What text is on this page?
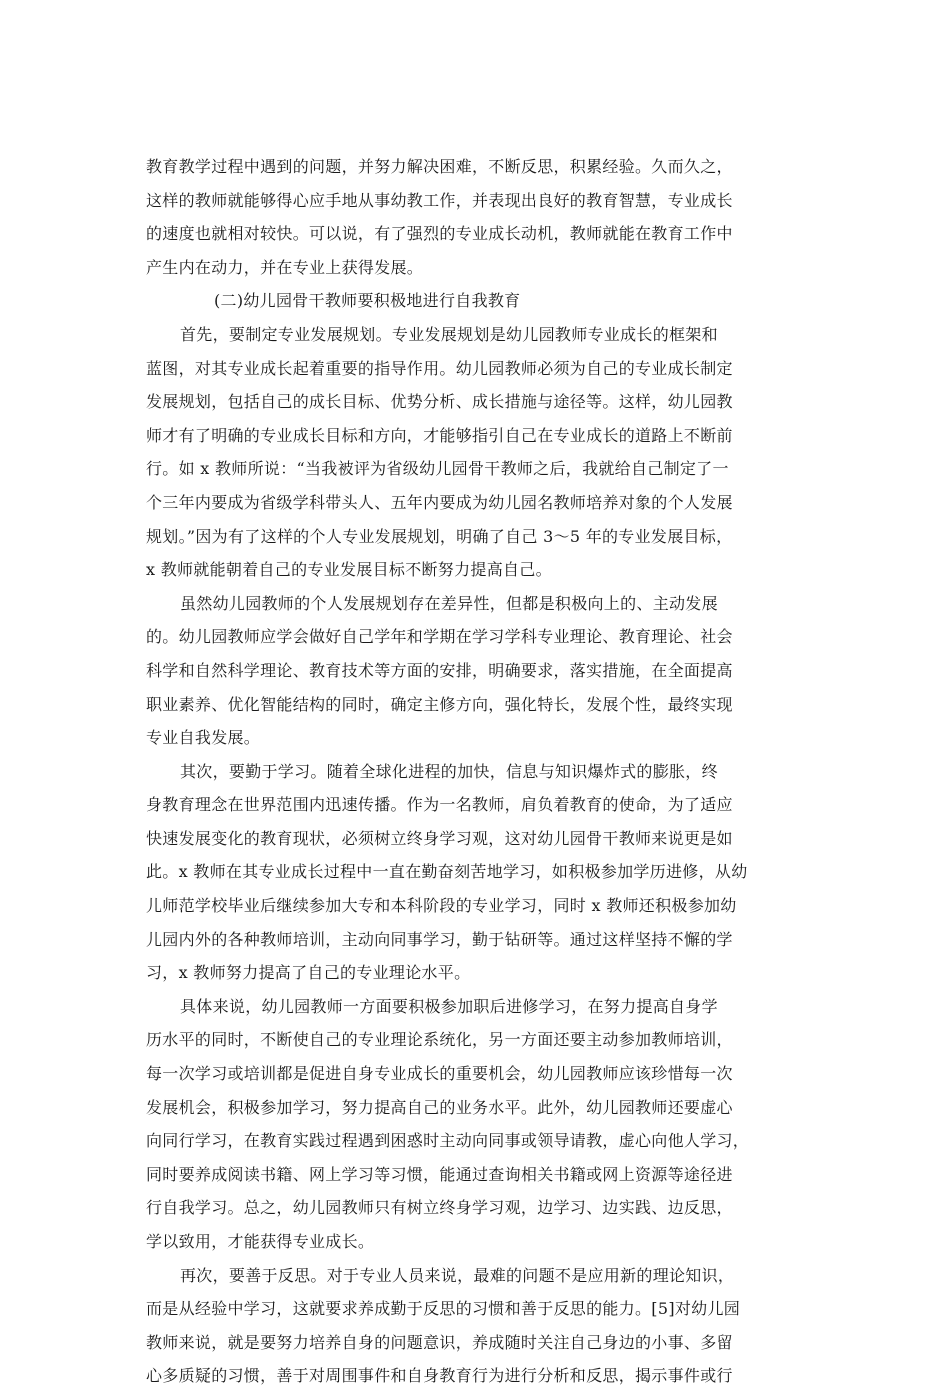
教育教学过程中遇到的问题，并努力解决困难，不断反思，积累经验。久而久之，
这样的教师就能够得心应手地从事幼教工作，并表现出良好的教育智慧，专业成长
的速度也就相对较快。可以说，有了强烈的专业成长动机，教师就能在教育工作中
产生内在动力，并在专业上获得发展。

(二)幼儿园骨干教师要积极地进行自我教育

首先，要制定专业发展规划。专业发展规划是幼儿园教师专业成长的框架和
蓝图，对其专业成长起着重要的指导作用。幼儿园教师必须为自己的专业成长制定
发展规划，包括自己的成长目标、优势分析、成长措施与途径等。这样，幼儿园教
师才有了明确的专业成长目标和方向，才能够指引自己在专业成长的道路上不断前
行。如 x 教师所说：“当我被评为省级幼儿园骨干教师之后，我就给自己制定了一
个三年内要成为省级学科带头人、五年内要成为幼儿园名教师培养对象的个人发展
规划。”因为有了这样的个人专业发展规划，明确了自己 3～5 年的专业发展目标，
x 教师就能朝着自己的专业发展目标不断努力提高自己。

虽然幼儿园教师的个人发展规划存在差异性，但都是积极向上的、主动发展
的。幼儿园教师应学会做好自己学年和学期在学习学科专业理论、教育理论、社会
科学和自然科学理论、教育技术等方面的安排，明确要求，落实措施，在全面提高
职业素养、优化智能结构的同时，确定主修方向，强化特长，发展个性，最终实现
专业自我发展。

其次，要勤于学习。随着全球化进程的加快，信息与知识爆炸式的膨胀，终
身教育理念在世界范围内迅速传播。作为一名教师，肩负着教育的使命，为了适应
快速发展变化的教育现状，必须树立终身学习观，这对幼儿园骨干教师来说更是如
此。x 教师在其专业成长过程中一直在勤奋刻苦地学习，如积极参加学历进修，从幼
儿师范学校毕业后继续参加大专和本科阶段的专业学习，同时 x 教师还积极参加幼
儿园内外的各种教师培训，主动向同事学习，勤于钻研等。通过这样坚持不懈的学
习，x 教师努力提高了自己的专业理论水平。

具体来说，幼儿园教师一方面要积极参加职后进修学习，在努力提高自身学
历水平的同时，不断使自己的专业理论系统化，另一方面还要主动参加教师培训，
每一次学习或培训都是促进自身专业成长的重要机会，幼儿园教师应该珍惜每一次
发展机会，积极参加学习，努力提高自己的业务水平。此外，幼儿园教师还要虚心
向同行学习，在教育实践过程遇到困惑时主动向同事或领导请教，虚心向他人学习，
同时要养成阅读书籍、网上学习等习惯，能通过查询相关书籍或网上资源等途径进
行自我学习。总之，幼儿园教师只有树立终身学习观，边学习、边实践、边反思，
学以致用，才能获得专业成长。

再次，要善于反思。对于专业人员来说，最难的问题不是应用新的理论知识，
而是从经验中学习，这就要求养成勤于反思的习惯和善于反思的能力。[5]对幼儿园
教师来说，就是要努力培养自身的问题意识，养成随时关注自己身边的小事、多留
心多质疑的习惯，善于对周围事件和自身教育行为进行分析和反思，揭示事件或行
